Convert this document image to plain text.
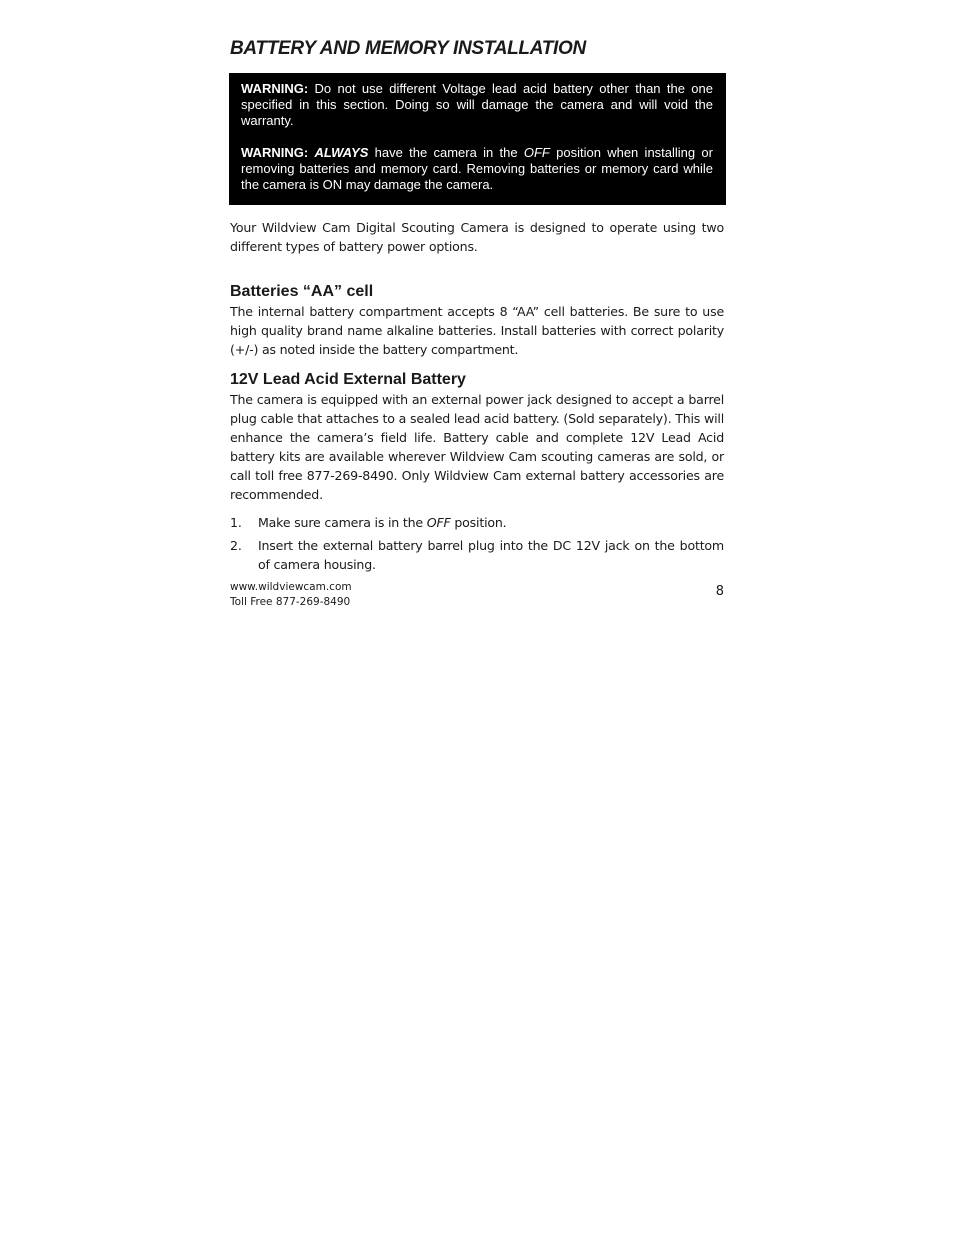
BATTERY AND MEMORY INSTALLATION

WARNING: Do not use different Voltage lead acid battery other than the one specified in this section. Doing so will damage the camera and will void the warranty.

WARNING: ALWAYS have the camera in the OFF position when installing or removing batteries and memory card. Removing batteries or memory card while the camera is ON may damage the camera.

Your Wildview Cam Digital Scouting Camera is designed to operate using two different types of battery power options.

Batteries “AA” cell

The internal battery compartment accepts 8 “AA” cell batteries. Be sure to use high quality brand name alkaline batteries. Install batteries with correct polarity (+/-) as noted inside the battery compartment.

12V Lead Acid External Battery

The camera is equipped with an external power jack designed to accept a barrel plug cable that attaches to a sealed lead acid battery. (Sold separately). This will enhance the camera’s field life. Battery cable and complete 12V Lead Acid battery kits are available wherever Wildview Cam scouting cameras are sold, or call toll free 877-269-8490. Only Wildview Cam external battery accessories are recommended.

1.	Make sure camera is in the OFF position.
2.	Insert the external battery barrel plug into the DC 12V jack on the bottom of camera housing.
www.wildviewcam.com
Toll Free 877-269-8490
8
